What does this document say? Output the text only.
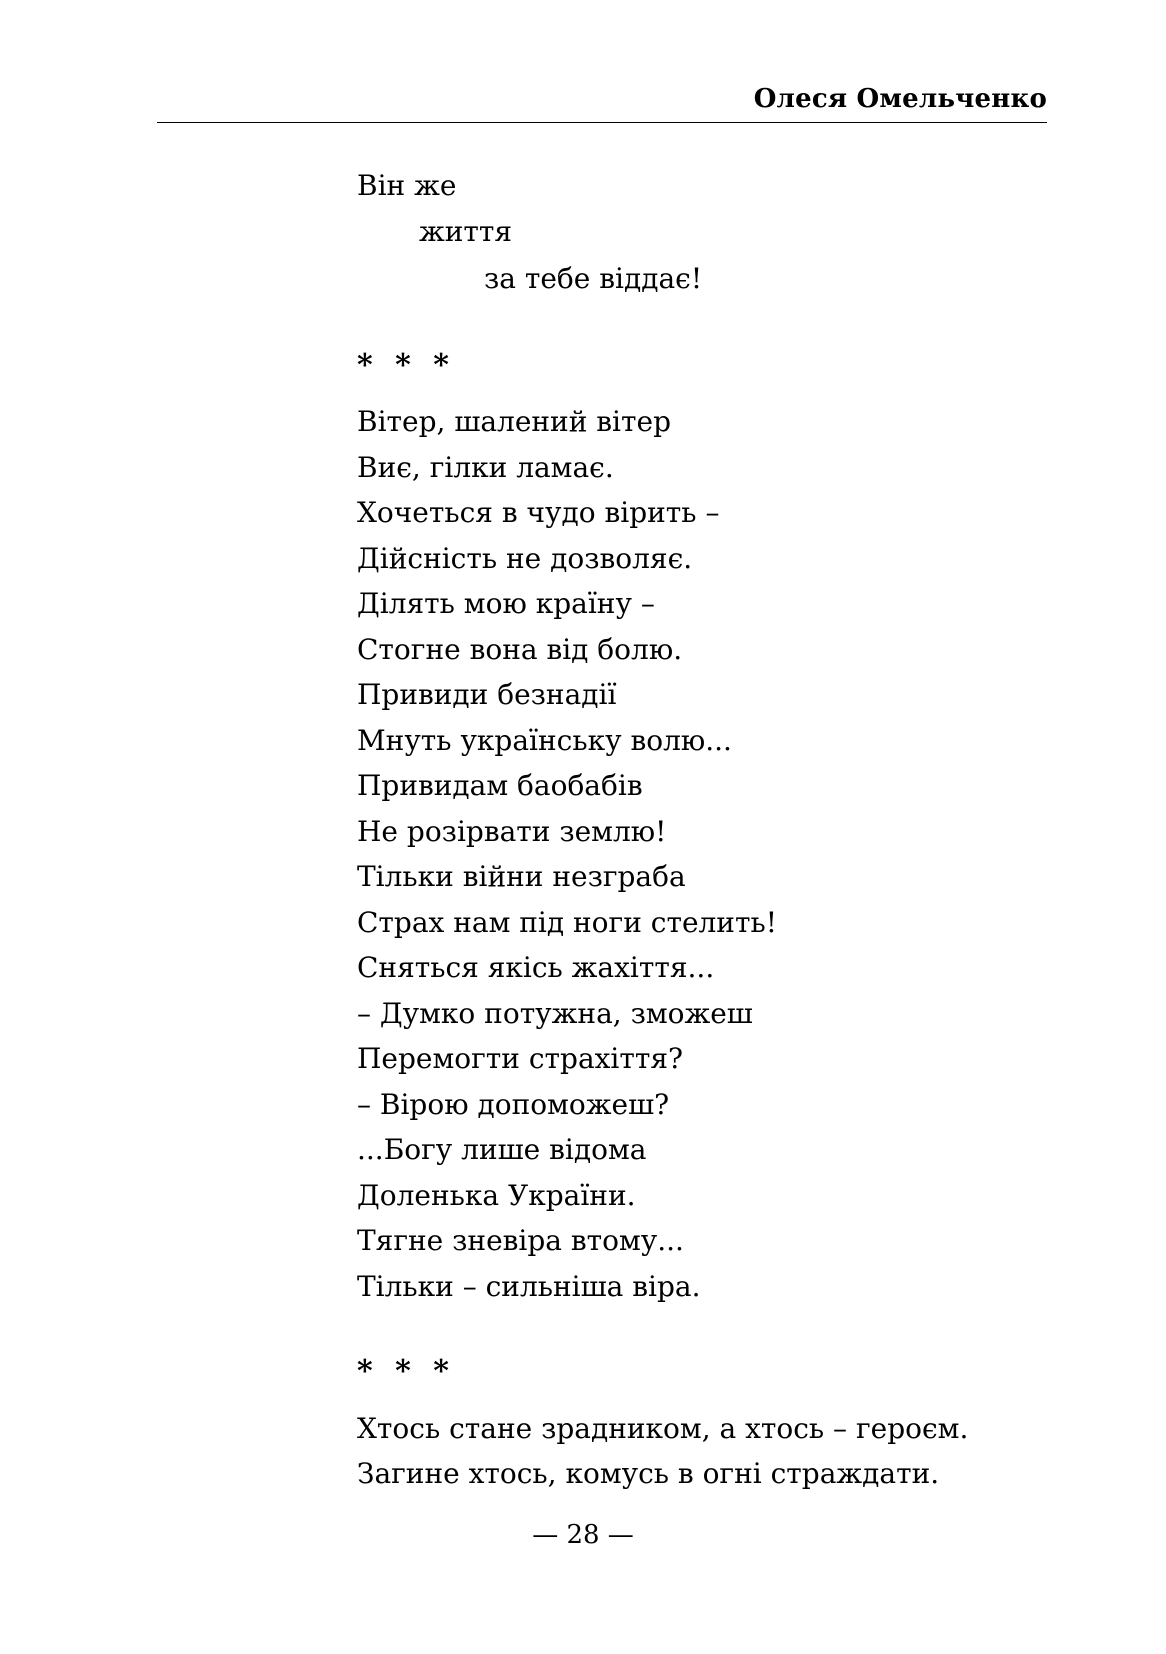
Олеся Омельченко
Він же
життя
за тебе віддає!
* * *
Вітер, шалений вітер
Виє, гілки ламає.
Хочеться в чудо вірить –
Дійсність не дозволяє.
Ділять мою країну –
Стогне вона від болю.
Привиди безнадії
Мнуть українську волю...
Привидам баобабів
Не розірвати землю!
Тільки війни незграба
Страх нам під ноги стелить!
Сняться якісь жахіття...
– Думко потужна, зможеш
Перемогти страхіття?
– Вірою допоможеш?
...Богу лише відома
Доленька України.
Тягне зневіра втому...
Тільки – сильніша віра.
* * *
Хтось стане зрадником, а хтось – героєм.
Загине хтось, комусь в огні страждати.
— 28 —
